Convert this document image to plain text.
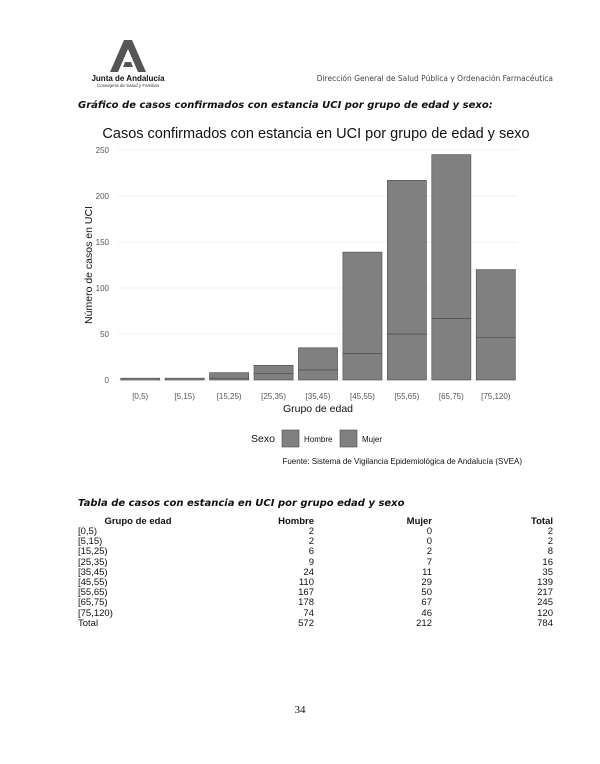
Junta de Andalucía
Consejería de Salud y Familias
Dirección General de Salud Pública y Ordenación Farmacéutica
Gráfico de casos confirmados con estancia UCI por grupo de edad y sexo:
Casos confirmados con estancia en UCI por grupo de edad y sexo
0
50
100
150
200
250
[0,5)	[5,15)	[15,25) [25,35) [35,45) [45,55) [55,65) [65,75) [75,120)
Grupo de edad
Número de casos en UCI
Sexo	Hombre	Mujer
Fuente: Sistema de Vigilancia Epidemiológica de Andalucía (SVEA)
Tabla de casos con estancia en UCI por grupo edad y sexo
Grupo de edad	Hombre	Mujer	Total
[0,5)	2	0	2
[5,15)	2	0	2
[15,25)	6	2	8
[25,35)	9	7	16
[35,45)	24	11	35
[45,55)	110	29	139
[55,65)	167	50	217
[65,75)	178	67	245
[75,120)	74	46	120
Total	572	212	784
34
